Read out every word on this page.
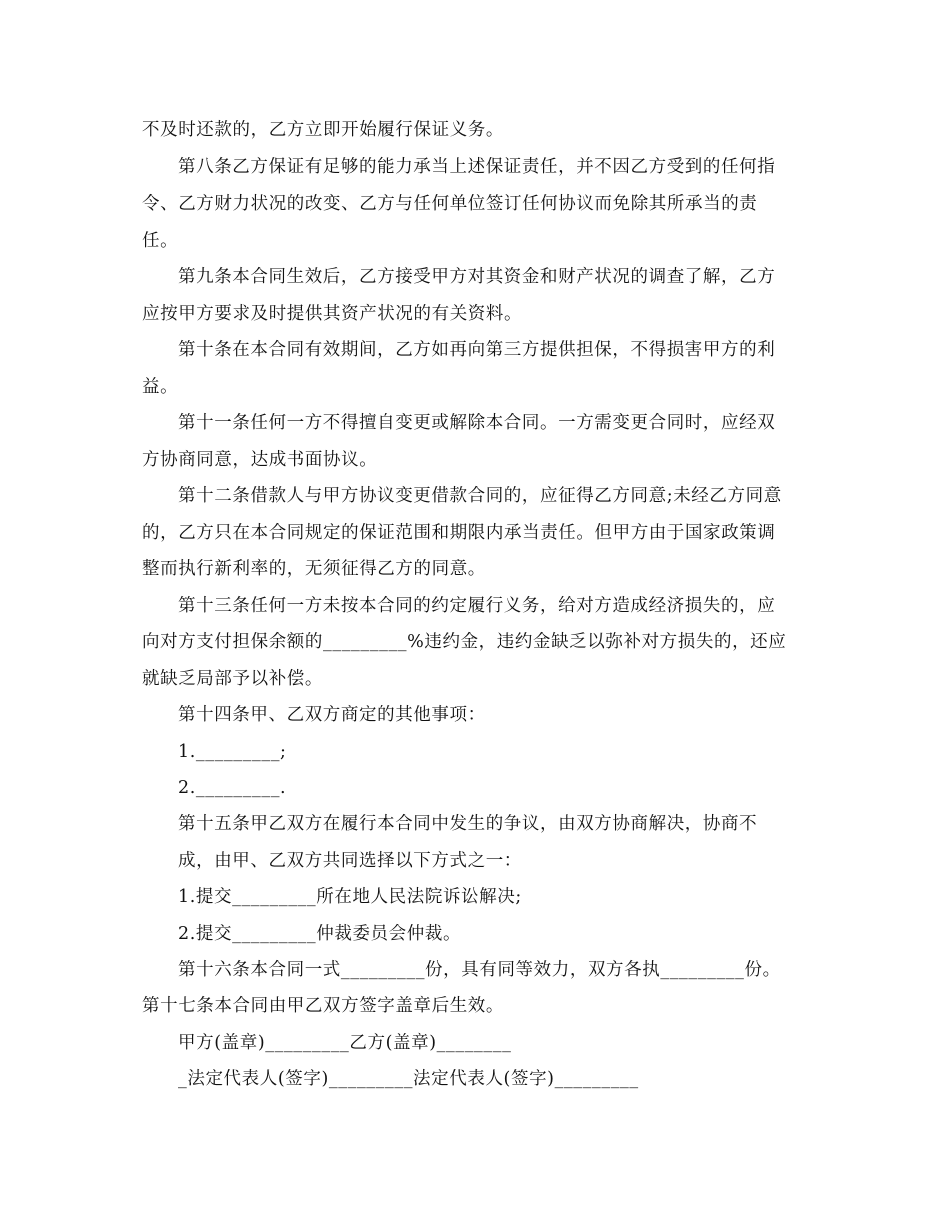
不及时还款的，乙方立即开始履行保证义务。
第八条乙方保证有足够的能力承当上述保证责任，并不因乙方受到的任何指
令、乙方财力状况的改变、乙方与任何单位签订任何协议而免除其所承当的责
任。
第九条本合同生效后，乙方接受甲方对其资金和财产状况的调查了解，乙方
应按甲方要求及时提供其资产状况的有关资料。
第十条在本合同有效期间，乙方如再向第三方提供担保，不得损害甲方的利
益。
第十一条任何一方不得擅自变更或解除本合同。一方需变更合同时，应经双
方协商同意，达成书面协议。
第十二条借款人与甲方协议变更借款合同的，应征得乙方同意;未经乙方同意
的，乙方只在本合同规定的保证范围和期限内承当责任。但甲方由于国家政策调
整而执行新利率的，无须征得乙方的同意。
第十三条任何一方未按本合同的约定履行义务，给对方造成经济损失的，应
向对方支付担保余额的_________%违约金，违约金缺乏以弥补对方损失的，还应
就缺乏局部予以补偿。
第十四条甲、乙双方商定的其他事项：
1._________;
2._________.
第十五条甲乙双方在履行本合同中发生的争议，由双方协商解决，协商不
成，由甲、乙双方共同选择以下方式之一：
1.提交_________所在地人民法院诉讼解决;
2.提交_________仲裁委员会仲裁。
第十六条本合同一式_________份，具有同等效力，双方各执_________份。
第十七条本合同由甲乙双方签字盖章后生效。
甲方(盖章)_________乙方(盖章)________
_法定代表人(签字)_________法定代表人(签字)_________
